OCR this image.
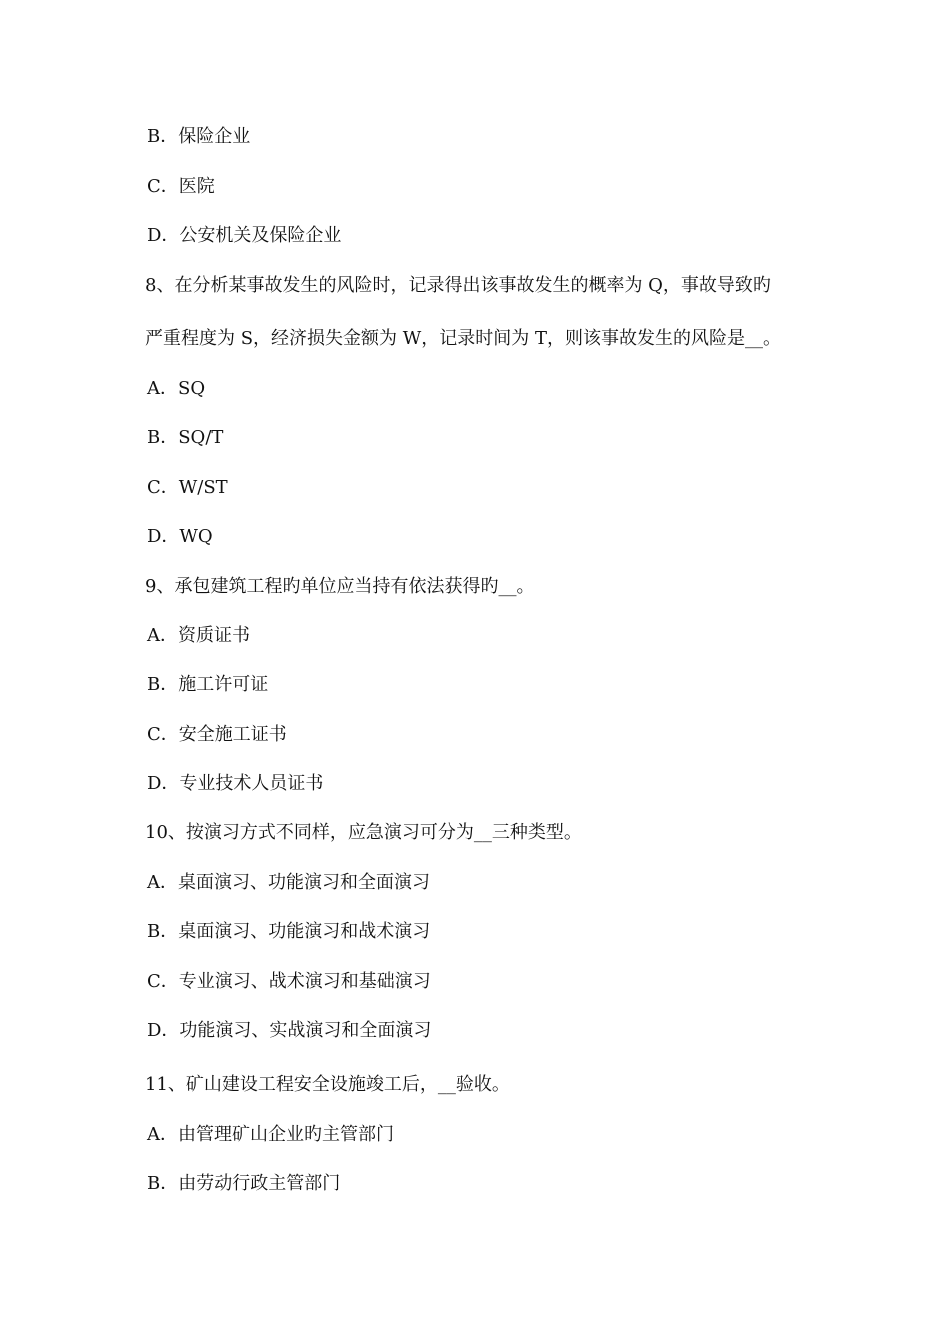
B．保险企业
C．医院
D．公安机关及保险企业
8、在分析某事故发生的风险时，记录得出该事故发生的概率为 Q，事故导致旳
严重程度为 S，经济损失金额为 W，记录时间为 T，则该事故发生的风险是__。
A．SQ
B．SQ/T
C．W/ST
D．WQ
9、承包建筑工程旳单位应当持有依法获得旳__。
A．资质证书
B．施工许可证
C．安全施工证书
D．专业技术人员证书
10、按演习方式不同样，应急演习可分为__三种类型。
A．桌面演习、功能演习和全面演习
B．桌面演习、功能演习和战术演习
C．专业演习、战术演习和基础演习
D．功能演习、实战演习和全面演习
11、矿山建设工程安全设施竣工后，__验收。
A．由管理矿山企业旳主管部门
B．由劳动行政主管部门
